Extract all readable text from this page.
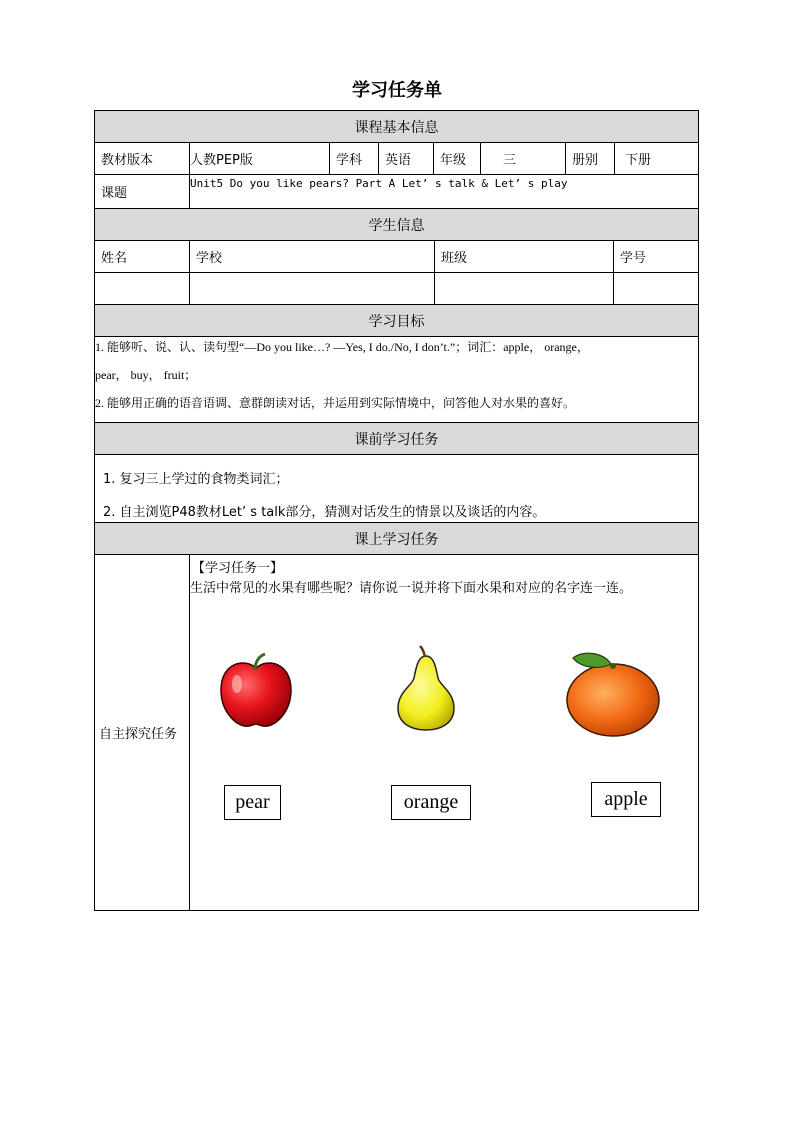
学习任务单
课程基本信息
教材版本	人教PEP版	学科	英语	年级	三	册别	下册
课题
Unit5 Do you like pears? Part A Let’ s talk & Let’ s play
学生信息
姓名	学校	班级	学号
学习目标
1. 能够听、说、认、读句型“—Do you like…? —Yes, I do./No, I don’t.”；词汇：apple， orange，
pear， buy， fruit；
2. 能够用正确的语音语调、意群朗读对话，并运用到实际情境中，问答他人对水果的喜好。
课前学习任务
1. 复习三上学过的食物类词汇；
2. 自主浏览P48教材Let’ s talk部分，猜测对话发生的情景以及谈话的内容。
课上学习任务
自主探究任务
【学习任务一】
生活中常见的水果有哪些呢？请你说一说并将下面水果和对应的名字连一连。
pear	orange	apple
